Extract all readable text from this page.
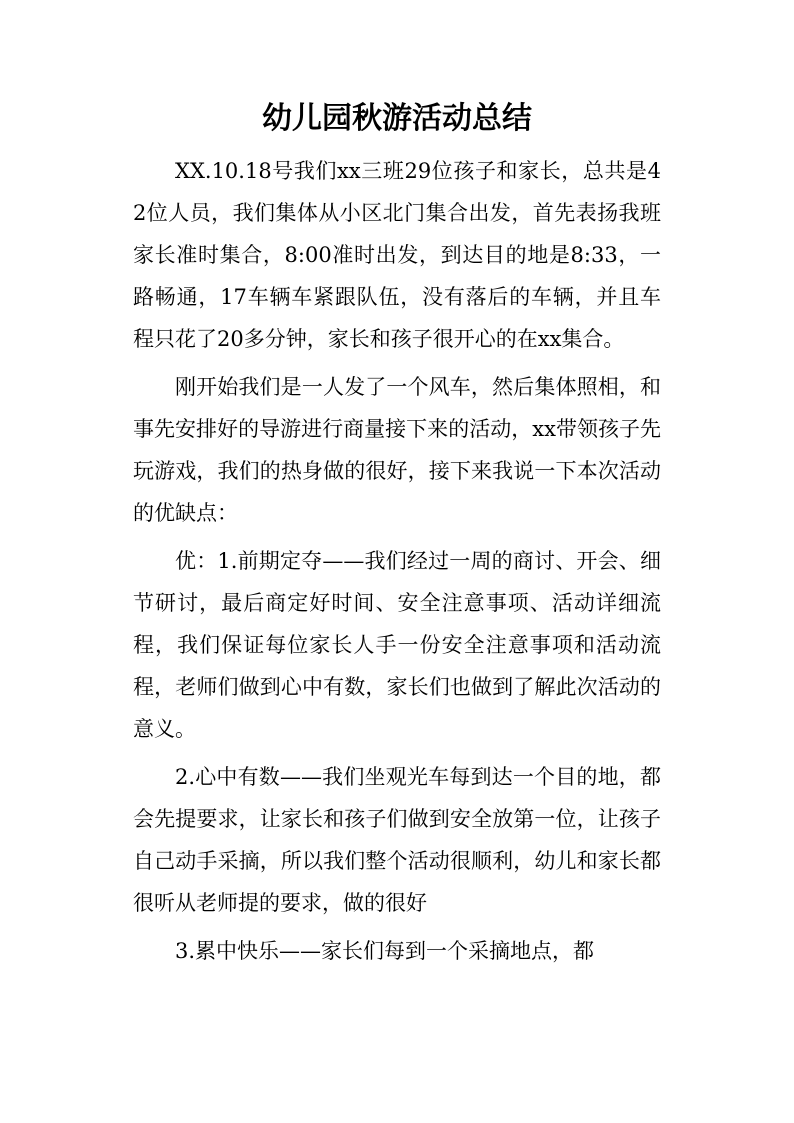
幼儿园秋游活动总结

XX.10.18号我们xx三班29位孩子和家长，总共是42位人员，我们集体从小区北门集合出发，首先表扬我班家长准时集合，8:00准时出发，到达目的地是8:33，一路畅通，17车辆车紧跟队伍，没有落后的车辆，并且车程只花了20多分钟，家长和孩子很开心的在xx集合。

刚开始我们是一人发了一个风车，然后集体照相，和事先安排好的导游进行商量接下来的活动，xx带领孩子先玩游戏，我们的热身做的很好，接下来我说一下本次活动的优缺点：

优：1.前期定夺——我们经过一周的商讨、开会、细节研讨，最后商定好时间、安全注意事项、活动详细流程，我们保证每位家长人手一份安全注意事项和活动流程，老师们做到心中有数，家长们也做到了解此次活动的意义。

2.心中有数——我们坐观光车每到达一个目的地，都会先提要求，让家长和孩子们做到安全放第一位，让孩子自己动手采摘，所以我们整个活动很顺利，幼儿和家长都很听从老师提的要求，做的很好

3.累中快乐——家长们每到一个采摘地点，都
